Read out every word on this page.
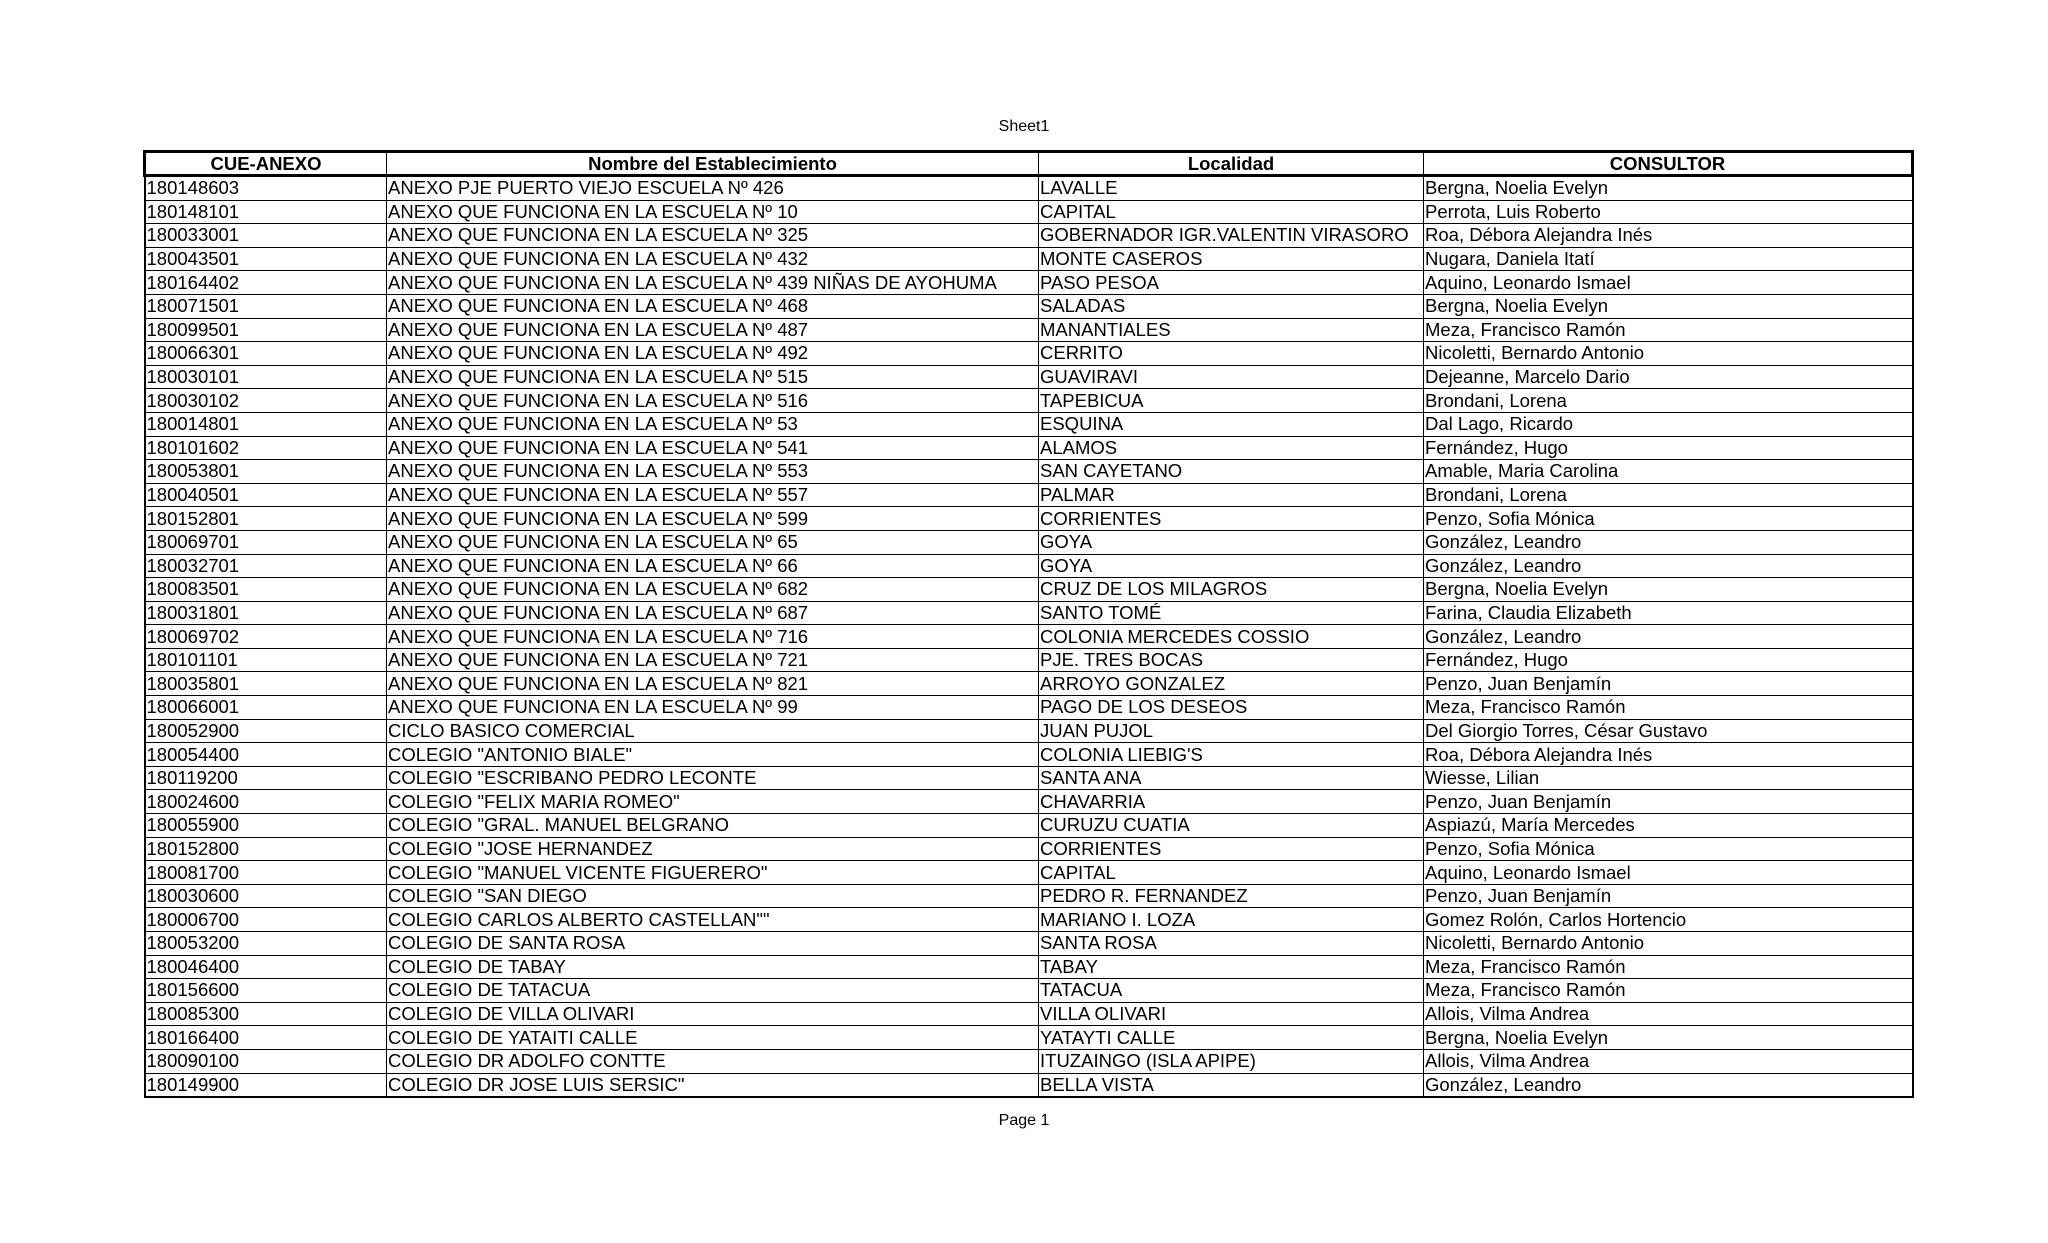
Sheet1
CUE-ANEXO	Nombre del Establecimiento	Localidad	CONSULTOR
180148603	ANEXO PJE PUERTO VIEJO ESCUELA Nº 426	LAVALLE	Bergna, Noelia Evelyn
180148101	ANEXO QUE FUNCIONA EN LA ESCUELA Nº 10	CAPITAL	Perrota, Luis Roberto
180033001	ANEXO QUE FUNCIONA EN LA ESCUELA Nº 325	GOBERNADOR IGR.VALENTIN VIRASORO	Roa, Débora Alejandra Inés
180043501	ANEXO QUE FUNCIONA EN LA ESCUELA Nº 432	MONTE CASEROS	Nugara, Daniela Itatí
180164402	ANEXO QUE FUNCIONA EN LA ESCUELA Nº 439 NIÑAS DE AYOHUMA	PASO PESOA	Aquino, Leonardo Ismael
180071501	ANEXO QUE FUNCIONA EN LA ESCUELA Nº 468	SALADAS	Bergna, Noelia Evelyn
180099501	ANEXO QUE FUNCIONA EN LA ESCUELA Nº 487	MANANTIALES	Meza, Francisco Ramón
180066301	ANEXO QUE FUNCIONA EN LA ESCUELA Nº 492	CERRITO	Nicoletti, Bernardo Antonio
180030101	ANEXO QUE FUNCIONA EN LA ESCUELA Nº 515	GUAVIRAVI	Dejeanne, Marcelo Dario
180030102	ANEXO QUE FUNCIONA EN LA ESCUELA Nº 516	TAPEBICUA	Brondani, Lorena
180014801	ANEXO QUE FUNCIONA EN LA ESCUELA Nº 53	ESQUINA	Dal Lago, Ricardo
180101602	ANEXO QUE FUNCIONA EN LA ESCUELA Nº 541	ALAMOS	Fernández, Hugo
180053801	ANEXO QUE FUNCIONA EN LA ESCUELA Nº 553	SAN CAYETANO	Amable, Maria Carolina
180040501	ANEXO QUE FUNCIONA EN LA ESCUELA Nº 557	PALMAR	Brondani, Lorena
180152801	ANEXO QUE FUNCIONA EN LA ESCUELA Nº 599	CORRIENTES	Penzo, Sofia Mónica
180069701	ANEXO QUE FUNCIONA EN LA ESCUELA Nº 65	GOYA	González, Leandro
180032701	ANEXO QUE FUNCIONA EN LA ESCUELA Nº 66	GOYA	González, Leandro
180083501	ANEXO QUE FUNCIONA EN LA ESCUELA Nº 682	CRUZ DE LOS MILAGROS	Bergna, Noelia Evelyn
180031801	ANEXO QUE FUNCIONA EN LA ESCUELA Nº 687	SANTO TOMÉ	Farina, Claudia Elizabeth
180069702	ANEXO QUE FUNCIONA EN LA ESCUELA Nº 716	COLONIA MERCEDES COSSIO	González, Leandro
180101101	ANEXO QUE FUNCIONA EN LA ESCUELA Nº 721	PJE. TRES BOCAS	Fernández, Hugo
180035801	ANEXO QUE FUNCIONA EN LA ESCUELA Nº 821	ARROYO GONZALEZ	Penzo, Juan Benjamín
180066001	ANEXO QUE FUNCIONA EN LA ESCUELA Nº 99	PAGO DE LOS DESEOS	Meza, Francisco Ramón
180052900	CICLO BASICO COMERCIAL	JUAN PUJOL	Del Giorgio Torres, César Gustavo
180054400	COLEGIO "ANTONIO BIALE"	COLONIA LIEBIG'S	Roa, Débora Alejandra Inés
180119200	COLEGIO "ESCRIBANO PEDRO LECONTE	SANTA ANA	Wiesse, Lilian
180024600	COLEGIO "FELIX MARIA ROMEO"	CHAVARRIA	Penzo, Juan Benjamín
180055900	COLEGIO "GRAL. MANUEL BELGRANO	CURUZU CUATIA	Aspiazú, María Mercedes
180152800	COLEGIO "JOSE HERNANDEZ	CORRIENTES	Penzo, Sofia Mónica
180081700	COLEGIO "MANUEL VICENTE FIGUERERO"	CAPITAL	Aquino, Leonardo Ismael
180030600	COLEGIO "SAN DIEGO	PEDRO R. FERNANDEZ	Penzo, Juan Benjamín
180006700	COLEGIO CARLOS ALBERTO CASTELLAN""	MARIANO I. LOZA	Gomez Rolón, Carlos Hortencio
180053200	COLEGIO DE SANTA ROSA	SANTA ROSA	Nicoletti, Bernardo Antonio
180046400	COLEGIO DE TABAY	TABAY	Meza, Francisco Ramón
180156600	COLEGIO DE TATACUA	TATACUA	Meza, Francisco Ramón
180085300	COLEGIO DE VILLA OLIVARI	VILLA OLIVARI	Allois, Vilma Andrea
180166400	COLEGIO DE YATAITI CALLE	YATAYTI CALLE	Bergna, Noelia Evelyn
180090100	COLEGIO DR ADOLFO CONTTE	ITUZAINGO (ISLA APIPE)	Allois, Vilma Andrea
180149900	COLEGIO DR JOSE LUIS SERSIC"	BELLA VISTA	González, Leandro
Page 1
